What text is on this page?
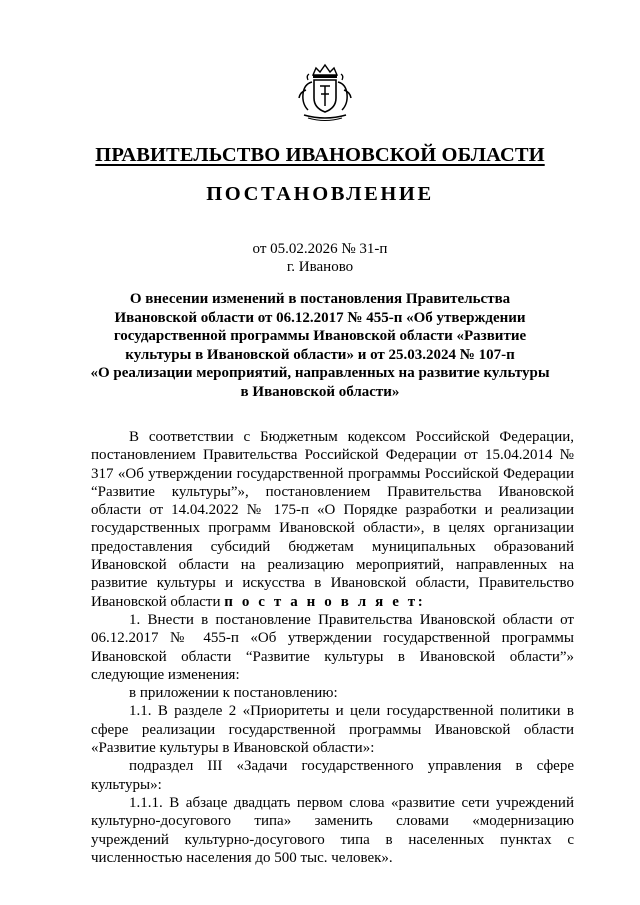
ПРАВИТЕЛЬСТВО ИВАНОВСКОЙ ОБЛАСТИ
ПОСТАНОВЛЕНИЕ
от 05.02.2026 № 31-п
г. Иваново
О внесении изменений в постановления Правительства
Ивановской области от 06.12.2017 № 455-п «Об утверждении
государственной программы Ивановской области «Развитие
культуры в Ивановской области» и от 25.03.2024 № 107-п
«О реализации мероприятий, направленных на развитие культуры
в Ивановской области»

В соответствии с Бюджетным кодексом Российской Федерации, постановлением Правительства Российской Федерации от 15.04.2014 № 317 «Об утверждении государственной программы Российской Федерации “Развитие культуры”», постановлением Правительства Ивановской области от 14.04.2022 № 175-п «О Порядке разработки и реализации государственных программ Ивановской области», в целях организации предоставления субсидий бюджетам муниципальных образований Ивановской области на реализацию мероприятий, направленных на развитие культуры и искусства в Ивановской области, Правительство Ивановской области п о с т а н о в л я е т:

1. Внести в постановление Правительства Ивановской области от 06.12.2017 № 455-п «Об утверждении государственной программы Ивановской области “Развитие культуры в Ивановской области”» следующие изменения:

в приложении к постановлению:

1.1. В разделе 2 «Приоритеты и цели государственной политики в сфере реализации государственной программы Ивановской области «Развитие культуры в Ивановской области»:

подраздел III «Задачи государственного управления в сфере культуры»:

1.1.1. В абзаце двадцать первом слова «развитие сети учреждений культурно-досугового типа» заменить словами «модернизацию учреждений культурно-досугового типа в населенных пунктах с численностью населения до 500 тыс. человек».
